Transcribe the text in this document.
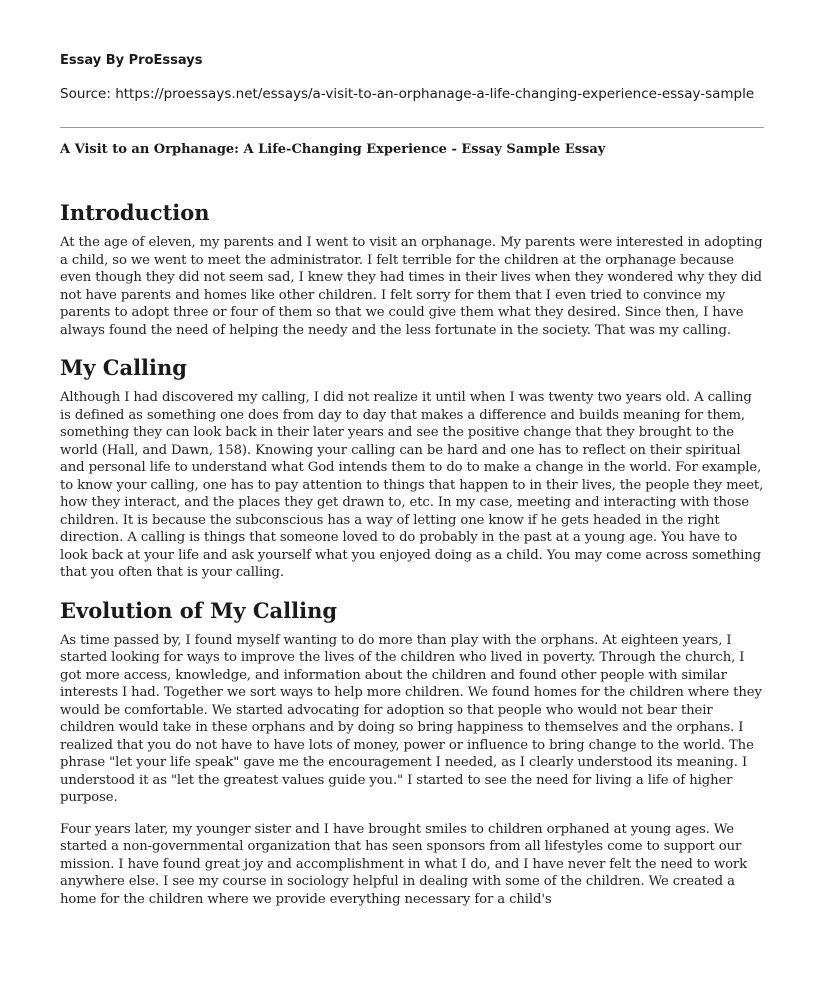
Essay By ProEssays
Source: https://proessays.net/essays/a-visit-to-an-orphanage-a-life-changing-experience-essay-sample
A Visit to an Orphanage: A Life-Changing Experience - Essay Sample Essay
Introduction

At the age of eleven, my parents and I went to visit an orphanage. My parents were interested in adopting a child, so we went to meet the administrator. I felt terrible for the children at the orphanage because even though they did not seem sad, I knew they had times in their lives when they wondered why they did not have parents and homes like other children. I felt sorry for them that I even tried to convince my parents to adopt three or four of them so that we could give them what they desired. Since then, I have always found the need of helping the needy and the less fortunate in the society. That was my calling.

My Calling

Although I had discovered my calling, I did not realize it until when I was twenty two years old. A calling is defined as something one does from day to day that makes a difference and builds meaning for them, something they can look back in their later years and see the positive change that they brought to the world (Hall, and Dawn, 158). Knowing your calling can be hard and one has to reflect on their spiritual and personal life to understand what God intends them to do to make a change in the world. For example, to know your calling, one has to pay attention to things that happen to in their lives, the people they meet, how they interact, and the places they get drawn to, etc. In my case, meeting and interacting with those children. It is because the subconscious has a way of letting one know if he gets headed in the right direction. A calling is things that someone loved to do probably in the past at a young age. You have to look back at your life and ask yourself what you enjoyed doing as a child. You may come across something that you often that is your calling.

Evolution of My Calling

As time passed by, I found myself wanting to do more than play with the orphans. At eighteen years, I started looking for ways to improve the lives of the children who lived in poverty. Through the church, I got more access, knowledge, and information about the children and found other people with similar interests I had. Together we sort ways to help more children. We found homes for the children where they would be comfortable. We started advocating for adoption so that people who would not bear their children would take in these orphans and by doing so bring happiness to themselves and the orphans. I realized that you do not have to have lots of money, power or influence to bring change to the world. The phrase "let your life speak" gave me the encouragement I needed, as I clearly understood its meaning. I understood it as "let the greatest values guide you." I started to see the need for living a life of higher purpose.

Four years later, my younger sister and I have brought smiles to children orphaned at young ages. We started a non-governmental organization that has seen sponsors from all lifestyles come to support our mission. I have found great joy and accomplishment in what I do, and I have never felt the need to work anywhere else. I see my course in sociology helpful in dealing with some of the children. We created a home for the children where we provide everything necessary for a child's
